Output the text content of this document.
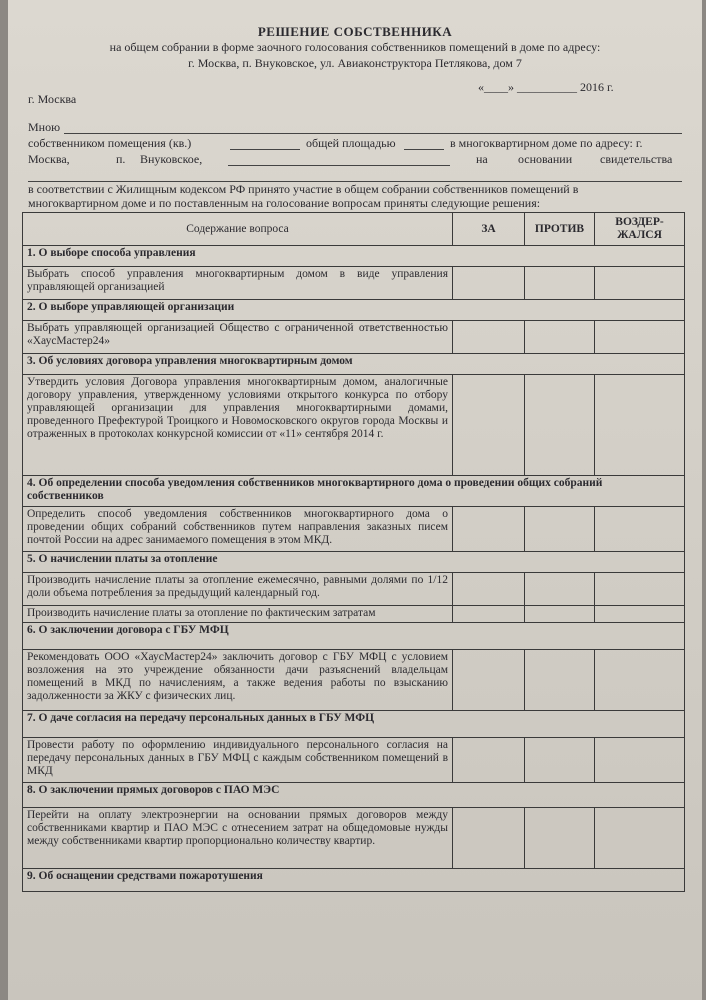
РЕШЕНИЕ СОБСТВЕННИКА
на общем собрании в форме заочного голосования собственников помещений в доме по адресу:
г. Москва, п. Внуковское, ул. Авиаконструктора Петлякова, дом 7
«____» __________ 2016 г.
г. Москва
Мною
собственником помещения (кв.)	общей площадью	в многоквартирном доме по адресу: г.
Москва,	п. Внуковское,	на	основании свидетельства
в соответствии с Жилищным кодексом РФ принято участие в общем собрании собственников помещений в
многоквартирном доме и по поставленным на голосование вопросам приняты следующие решения:
Содержание вопроса	ЗА	ПРОТИВ	ВОЗДЕР-ЖАЛСЯ
1. О выборе способа управления			
Выбрать способ управления многоквартирным домом в виде управления управляющей организацией			
2. О выборе управляющей организации			
Выбрать управляющей организацией Общество с ограниченной ответственностью «ХаусМастер24»			
3. Об условиях договора управления многоквартирным домом			
Утвердить условия Договора управления многоквартирным домом, аналогичные договору управления, утвержденному условиями открытого конкурса по отбору управляющей организации для управления многоквартирными домами, проведенного Префектурой Троицкого и Новомосковского округов города Москвы и отраженных в протоколах конкурсной комиссии от «11» сентября 2014 г.			
4. Об определении способа уведомления собственников многоквартирного дома о проведении общих собраний собственников			
Определить способ уведомления собственников многоквартирного дома о проведении общих собраний собственников путем направления заказных писем почтой России на адрес занимаемого помещения в этом МКД.			
5. О начислении платы за отопление			
Производить начисление платы за отопление ежемесячно, равными долями по 1/12 доли объема потребления за предыдущий календарный год.			
Производить начисление платы за отопление по фактическим затратам			
6. О заключении договора с ГБУ МФЦ			
Рекомендовать ООО «ХаусМастер24» заключить договор с ГБУ МФЦ с условием возложения на это учреждение обязанности дачи разъяснений владельцам помещений в МКД по начислениям, а также ведения работы по взысканию задолженности за ЖКУ с физических лиц.			
7. О даче согласия на передачу персональных данных в ГБУ МФЦ			
Провести работу по оформлению индивидуального персонального согласия на передачу персональных данных в ГБУ МФЦ с каждым собственником помещений в МКД			
8. О заключении прямых договоров с ПАО МЭС			
Перейти на оплату электроэнергии на основании прямых договоров между собственниками квартир и ПАО МЭС с отнесением затрат на общедомовые нужды между собственниками квартир пропорционально количеству квартир.			
9. Об оснащении средствами пожаротушения			
